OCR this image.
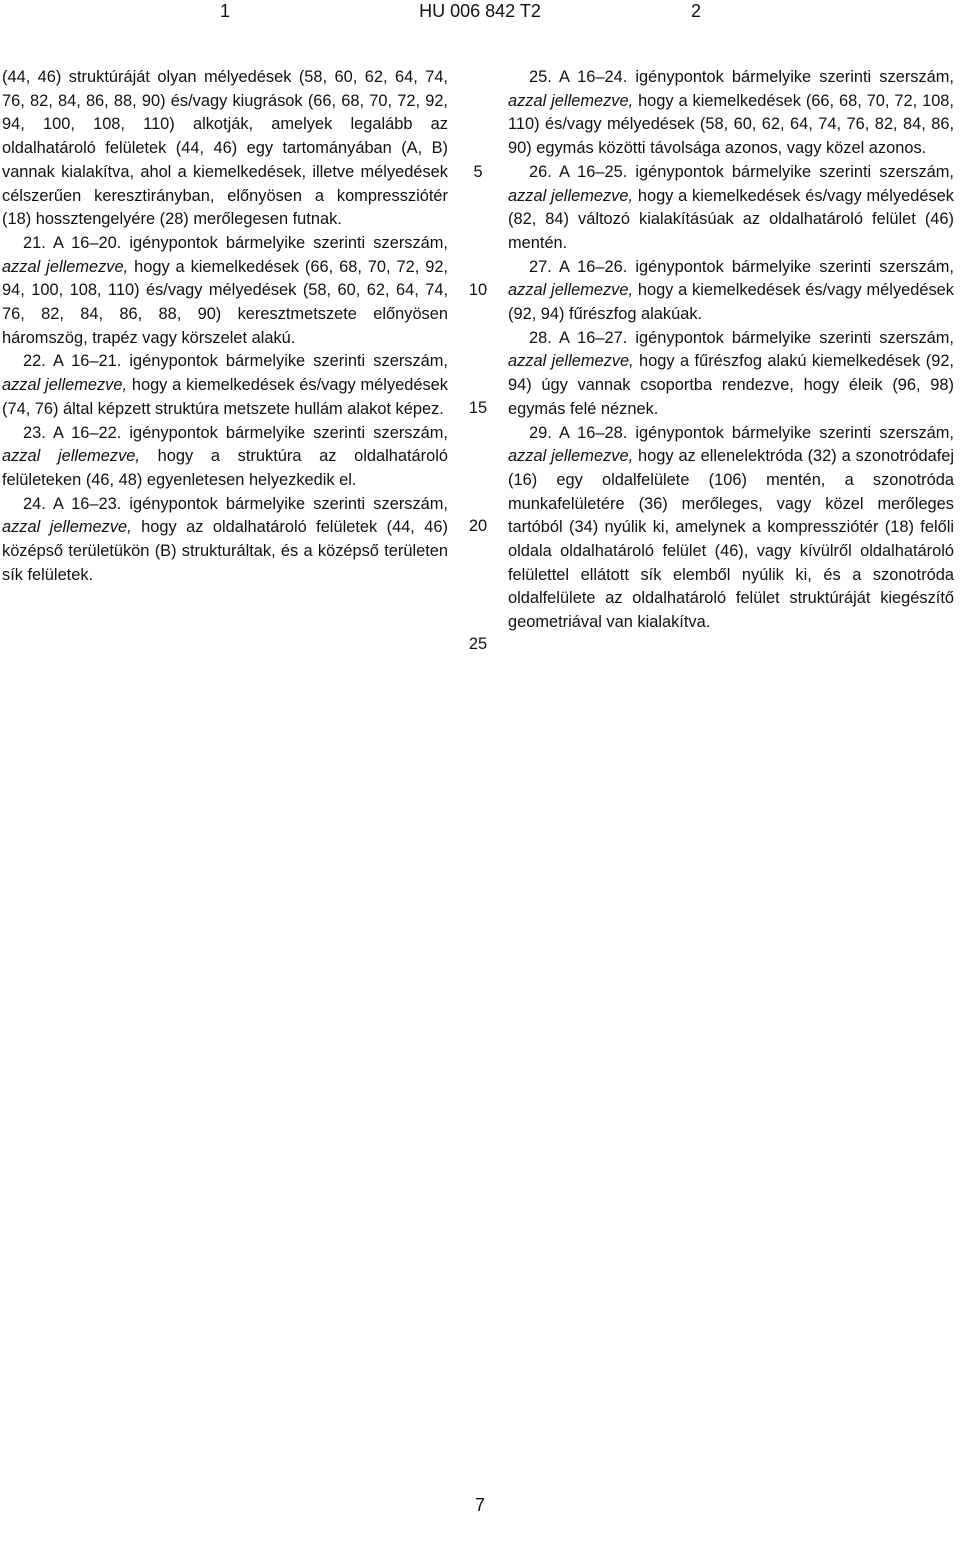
1	HU 006 842 T2	2

(44, 46) struktúráját olyan mélyedések (58, 60, 62, 64, 74, 76, 82, 84, 86, 88, 90) és/vagy kiugrások (66, 68, 70, 72, 92, 94, 100, 108, 110) alkotják, amelyek legalább az oldalhatároló felületek (44, 46) egy tartományában (A, B) vannak kialakítva, ahol a kiemelkedések, illetve mélyedések célszerűen keresztirányban, előnyösen a kompressziótér (18) hossztengelyére (28) merőlegesen futnak.

21. A 16–20. igénypontok bármelyike szerinti szerszám, azzal jellemezve, hogy a kiemelkedések (66, 68, 70, 72, 92, 94, 100, 108, 110) és/vagy mélyedések (58, 60, 62, 64, 74, 76, 82, 84, 86, 88, 90) keresztmetszete előnyösen háromszög, trapéz vagy körszelet alakú.

22. A 16–21. igénypontok bármelyike szerinti szerszám, azzal jellemezve, hogy a kiemelkedések és/vagy mélyedések (74, 76) által képzett struktúra metszete hullám alakot képez.

23. A 16–22. igénypontok bármelyike szerinti szerszám, azzal jellemezve, hogy a struktúra az oldalhatároló felületeken (46, 48) egyenletesen helyezkedik el.

24. A 16–23. igénypontok bármelyike szerinti szerszám, azzal jellemezve, hogy az oldalhatároló felületek (44, 46) középső területükön (B) strukturáltak, és a középső területen sík felületek.

5
10
15
20
25

25. A 16–24. igénypontok bármelyike szerinti szerszám, azzal jellemezve, hogy a kiemelkedések (66, 68, 70, 72, 108, 110) és/vagy mélyedések (58, 60, 62, 64, 74, 76, 82, 84, 86, 90) egymás közötti távolsága azonos, vagy közel azonos.

26. A 16–25. igénypontok bármelyike szerinti szerszám, azzal jellemezve, hogy a kiemelkedések és/vagy mélyedések (82, 84) változó kialakításúak az oldalhatároló felület (46) mentén.

27. A 16–26. igénypontok bármelyike szerinti szerszám, azzal jellemezve, hogy a kiemelkedések és/vagy mélyedések (92, 94) fűrészfog alakúak.

28. A 16–27. igénypontok bármelyike szerinti szerszám, azzal jellemezve, hogy a fűrészfog alakú kiemelkedések (92, 94) úgy vannak csoportba rendezve, hogy éleik (96, 98) egymás felé néznek.

29. A 16–28. igénypontok bármelyike szerinti szerszám, azzal jellemezve, hogy az ellenelektróda (32) a szonotródafej (16) egy oldalfelülete (106) mentén, a szonotróda munkafelületére (36) merőleges, vagy közel merőleges tartóból (34) nyúlik ki, amelynek a kompressziótér (18) felőli oldala oldalhatároló felület (46), vagy kívülről oldalhatároló felülettel ellátott sík elemből nyúlik ki, és a szonotróda oldalfelülete az oldalhatároló felület struktúráját kiegészítő geometriával van kialakítva.

7
